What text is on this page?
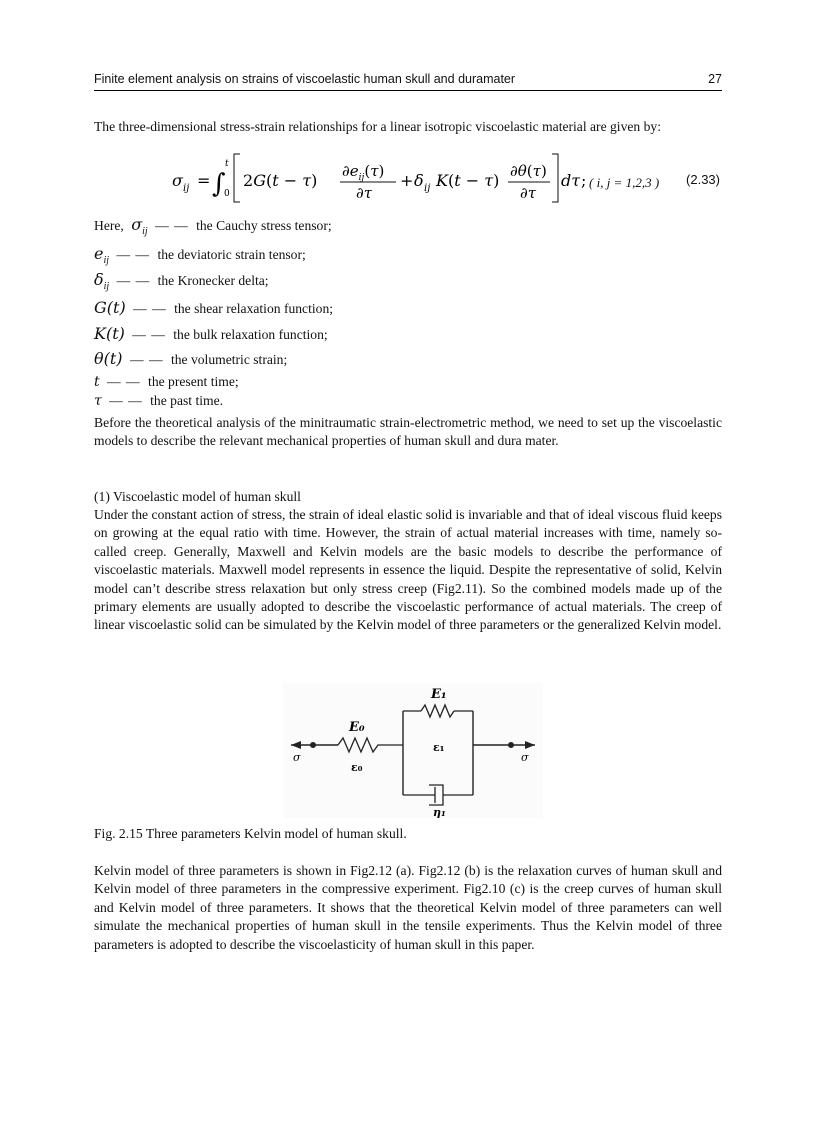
Finite element analysis on strains of viscoelastic human skull and duramater	27

The three-dimensional stress-strain relationships for a linear isotropic viscoelastic material are given by:

σ ij = ∫
t
0
2G(t − τ) $\partial e_{ij}(\tau)$
∂τ
+ δ ij K(t − τ) ∂θ(τ)
∂τ
dτ ; ( i, j = 1,2,3 ) (2.33)
Here, $\sigma_{ij}$ — — the Cauchy stress tensor;
$e_{ij}$ — — the deviatoric strain tensor;
$\delta_{ij}$ — — the Kronecker delta;
G(t) — — the shear relaxation function;
K(t) — — the bulk relaxation function;
θ(t) — — the volumetric strain;
t — — the present time;
τ — — the past time.

Before the theoretical analysis of the minitraumatic strain-electrometric method, we need to set up the viscoelastic models to describe the relevant mechanical properties of human skull and dura mater.

(1) Viscoelastic model of human skull

Under the constant action of stress, the strain of ideal elastic solid is invariable and that of ideal viscous fluid keeps on growing at the equal ratio with time. However, the strain of actual material increases with time, namely so-called creep. Generally, Maxwell and Kelvin models are the basic models to describe the performance of viscoelastic materials. Maxwell model represents in essence the liquid. Despite the representative of solid, Kelvin model can’t describe stress relaxation but only stress creep (Fig2.11). So the combined models made up of the primary elements are usually adopted to describe the viscoelastic performance of actual materials. The creep of linear viscoelastic solid can be simulated by the Kelvin model of three parameters or the generalized Kelvin model.

E₁
E₀
ε₁
ε₀
η₁
σ	σ

Fig. 2.15 Three parameters Kelvin model of human skull.

Kelvin model of three parameters is shown in Fig2.12 (a). Fig2.12 (b) is the relaxation curves of human skull and Kelvin model of three parameters in the compressive experiment. Fig2.10 (c) is the creep curves of human skull and Kelvin model of three parameters. It shows that the theoretical Kelvin model of three parameters can well simulate the mechanical properties of human skull in the tensile experiments. Thus the Kelvin model of three parameters is adopted to describe the viscoelasticity of human skull in this paper.
